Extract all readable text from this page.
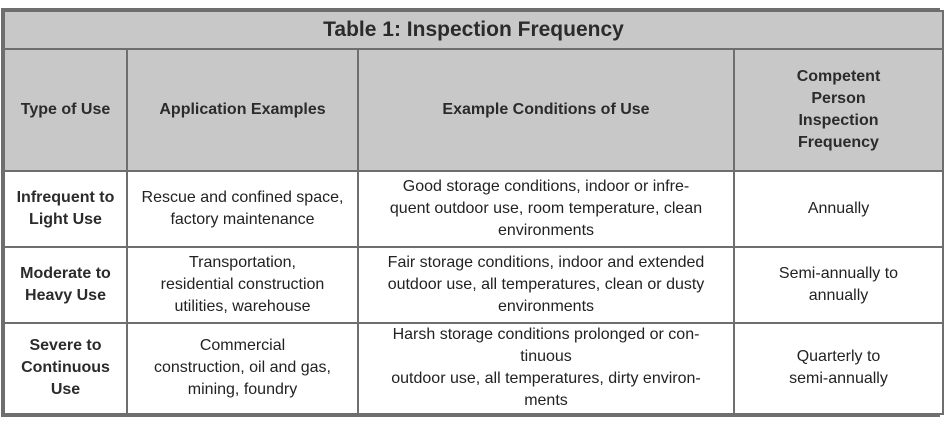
Table 1: Inspection Frequency			

Type of Use	Application Examples	Example Conditions of Use	Competent
Person
Inspection
Frequency

Infrequent to
Light Use	Rescue and confined space,
factory maintenance	Good storage conditions, indoor or infre-
quent outdoor use, room temperature, clean
environments	Annually

Moderate to
Heavy Use	Transportation,
residential construction
utilities, warehouse	Fair storage conditions, indoor and extended
outdoor use, all temperatures, clean or dusty
environments	Semi-annually to
annually

Severe to
Continuous
Use	Commercial
construction, oil and gas,
mining, foundry	Harsh storage conditions prolonged or con-
tinuous
outdoor use, all temperatures, dirty environ-
ments	Quarterly to
semi-annually
